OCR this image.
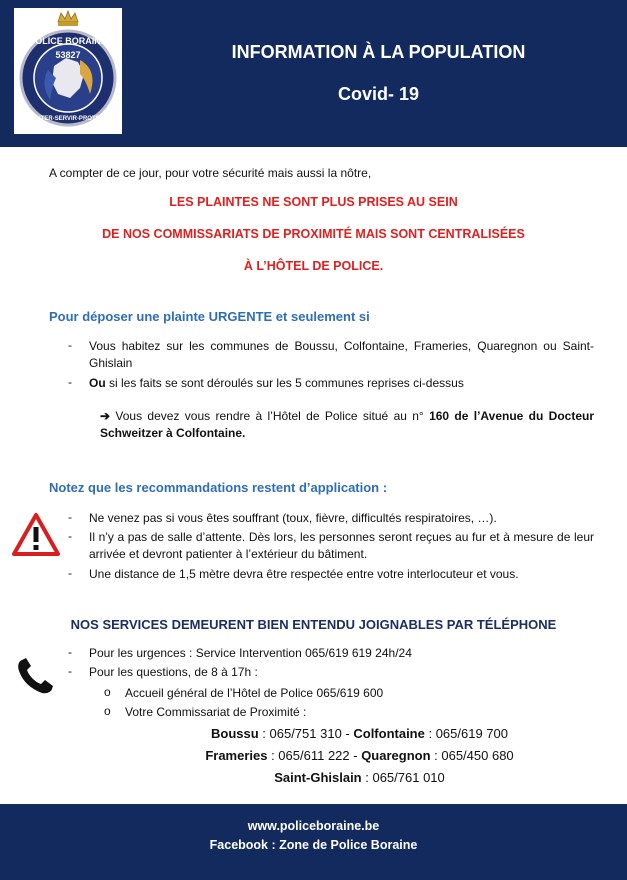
POLICE BORAINE
53827
ECOUTER-SERVIR-PROTEGER
INFORMATION À LA POPULATION
Covid- 19
A compter de ce jour, pour votre sécurité mais aussi la nôtre,
LES PLAINTES NE SONT PLUS PRISES AU SEIN
DE NOS COMMISSARIATS DE PROXIMITÉ MAIS SONT CENTRALISÉES
À L’HÔTEL DE POLICE.
Pour déposer une plainte URGENTE et seulement si
- Vous habitez sur les communes de Boussu, Colfontaine, Frameries, Quaregnon ou Saint-Ghislain
- Ou si les faits se sont déroulés sur les 5 communes reprises ci-dessus
➔ Vous devez vous rendre à l’Hôtel de Police situé au n° 160 de l’Avenue du Docteur Schweitzer à Colfontaine.
Notez que les recommandations restent d’application :
- Ne venez pas si vous êtes souffrant (toux, fièvre, difficultés respiratoires, …).
- Il n’y a pas de salle d’attente. Dès lors, les personnes seront reçues au fur et à mesure de leur arrivée et devront patienter à l’extérieur du bâtiment.
- Une distance de 1,5 mètre devra être respectée entre votre interlocuteur et vous.
NOS SERVICES DEMEURENT BIEN ENTENDU JOIGNABLES PAR TÉLÉPHONE
- Pour les urgences : Service Intervention 065/619 619 24h/24
- Pour les questions, de 8 à 17h :
o Accueil général de l’Hôtel de Police 065/619 600
o Votre Commissariat de Proximité :
Boussu : 065/751 310 - Colfontaine : 065/619 700
Frameries : 065/611 222 - Quaregnon : 065/450 680
Saint-Ghislain : 065/761 010
www.policeboraine.be
Facebook : Zone de Police Boraine
